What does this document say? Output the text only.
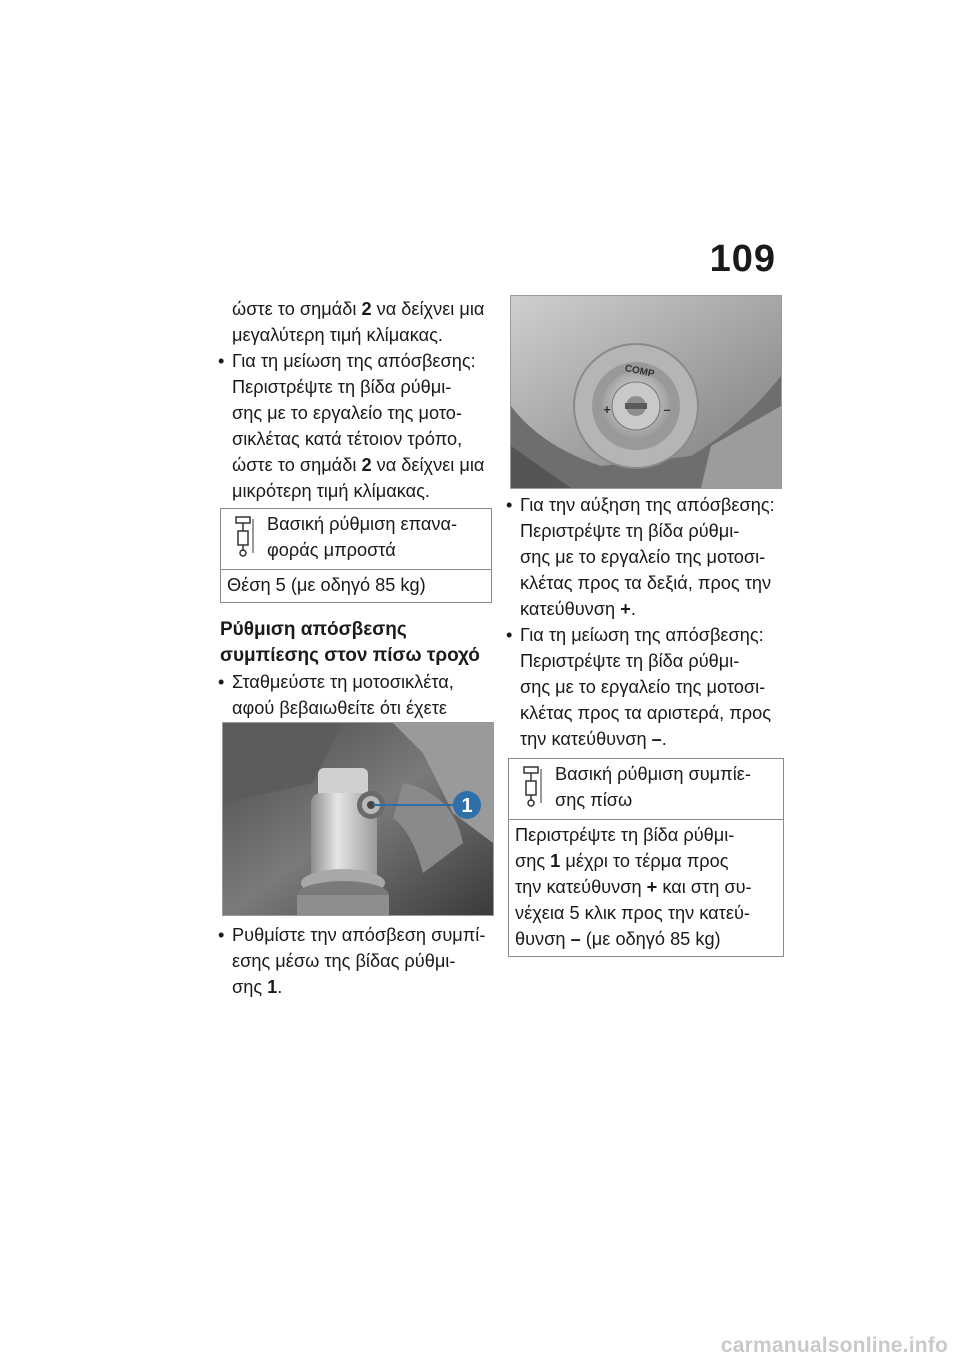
109

ώστε το σημάδι 2 να δείχνει μια
μεγαλύτερη τιμή κλίμακας.

• Για τη μείωση της απόσβεσης:
Περιστρέψτε τη βίδα ρύθμι-
σης με το εργαλείο της μοτο-
σικλέτας κατά τέτοιον τρόπο,
ώστε το σημάδι 2 να δείχνει μια
μικρότερη τιμή κλίμακας.

Βασική ρύθμιση επανα-
φοράς μπροστά
Θέση 5 (με οδηγό 85 kg)

Ρύθμιση απόσβεσης
συμπίεσης στον πίσω τροχό

• Σταθμεύστε τη μοτοσικλέτα,
αφού βεβαιωθείτε ότι έχετε

1

• Ρυθμίστε την απόσβεση συμπί-
εσης μέσω της βίδας ρύθμι-
σης 1.

COMP
+	–

• Για την αύξηση της απόσβεσης:
Περιστρέψτε τη βίδα ρύθμι-
σης με το εργαλείο της μοτοσι-
κλέτας προς τα δεξιά, προς την
κατεύθυνση +.

• Για τη μείωση της απόσβεσης:
Περιστρέψτε τη βίδα ρύθμι-
σης με το εργαλείο της μοτοσι-
κλέτας προς τα αριστερά, προς
την κατεύθυνση –.

Βασική ρύθμιση συμπίε-
σης πίσω
Περιστρέψτε τη βίδα ρύθμι-
σης 1 μέχρι το τέρμα προς
την κατεύθυνση + και στη συ-
νέχεια 5 κλικ προς την κατεύ-
θυνση – (με οδηγό 85 kg)
carmanualsonline.info
